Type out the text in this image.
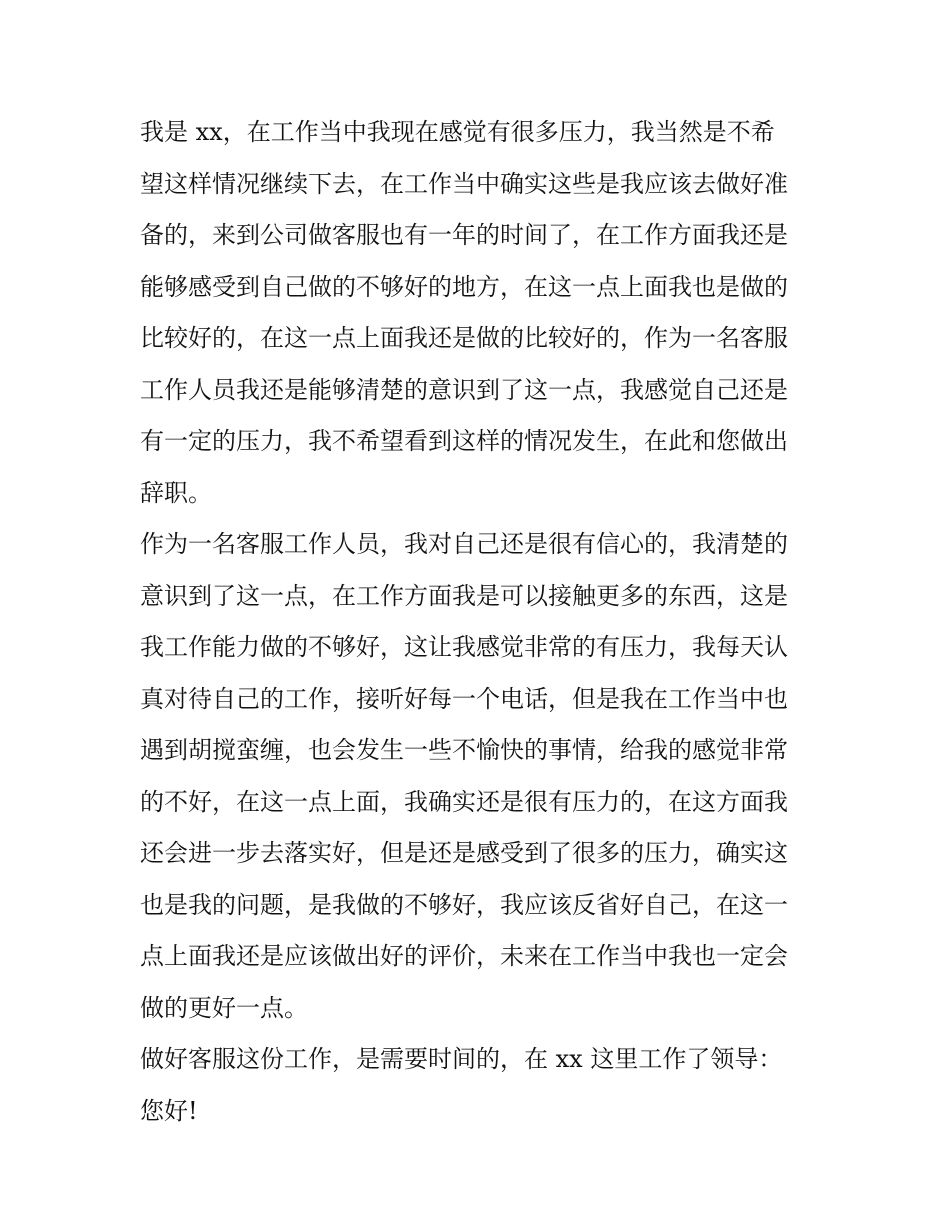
我是 xx，在工作当中我现在感觉有很多压力，我当然是不希
望这样情况继续下去，在工作当中确实这些是我应该去做好准
备的，来到公司做客服也有一年的时间了，在工作方面我还是
能够感受到自己做的不够好的地方，在这一点上面我也是做的
比较好的，在这一点上面我还是做的比较好的，作为一名客服
工作人员我还是能够清楚的意识到了这一点，我感觉自己还是
有一定的压力，我不希望看到这样的情况发生，在此和您做出
辞职。
作为一名客服工作人员，我对自己还是很有信心的，我清楚的
意识到了这一点，在工作方面我是可以接触更多的东西，这是
我工作能力做的不够好，这让我感觉非常的有压力，我每天认
真对待自己的工作，接听好每一个电话，但是我在工作当中也
遇到胡搅蛮缠，也会发生一些不愉快的事情，给我的感觉非常
的不好，在这一点上面，我确实还是很有压力的，在这方面我
还会进一步去落实好，但是还是感受到了很多的压力，确实这
也是我的问题，是我做的不够好，我应该反省好自己，在这一
点上面我还是应该做出好的评价，未来在工作当中我也一定会
做的更好一点。
做好客服这份工作，是需要时间的，在 xx 这里工作了领导：
您好!
